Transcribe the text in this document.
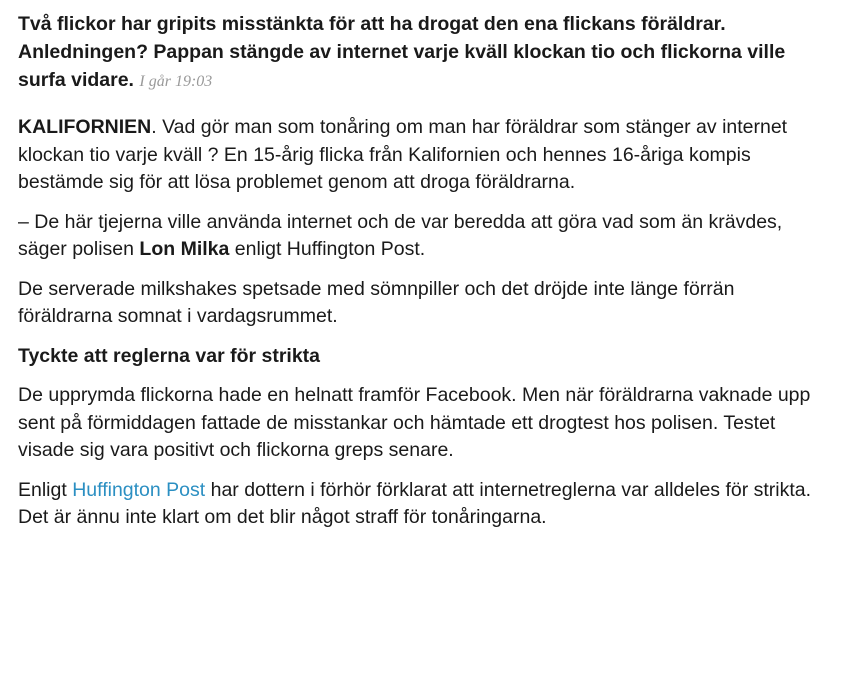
Två flickor har gripits misstänkta för att ha drogat den ena flickans föräldrar. Anledningen? Pappan stängde av internet varje kväll klockan tio och flickorna ville surfa vidare. I går 19:03

KALIFORNIEN. Vad gör man som tonåring om man har föräldrar som stänger av internet klockan tio varje kväll ? En 15-årig flicka från Kalifornien och hennes 16-åriga kompis bestämde sig för att lösa problemet genom att droga föräldrarna.

– De här tjejerna ville använda internet och de var beredda att göra vad som än krävdes, säger polisen Lon Milka enligt Huffington Post.

De serverade milkshakes spetsade med sömnpiller och det dröjde inte länge förrän föräldrarna somnat i vardagsrummet.

Tyckte att reglerna var för strikta

De upprymda flickorna hade en helnatt framför Facebook. Men när föräldrarna vaknade upp sent på förmiddagen fattade de misstankar och hämtade ett drogtest hos polisen. Testet visade sig vara positivt och flickorna greps senare.

Enligt Huffington Post har dottern i förhör förklarat att internetreglerna var alldeles för strikta. Det är ännu inte klart om det blir något straff för tonåringarna.
